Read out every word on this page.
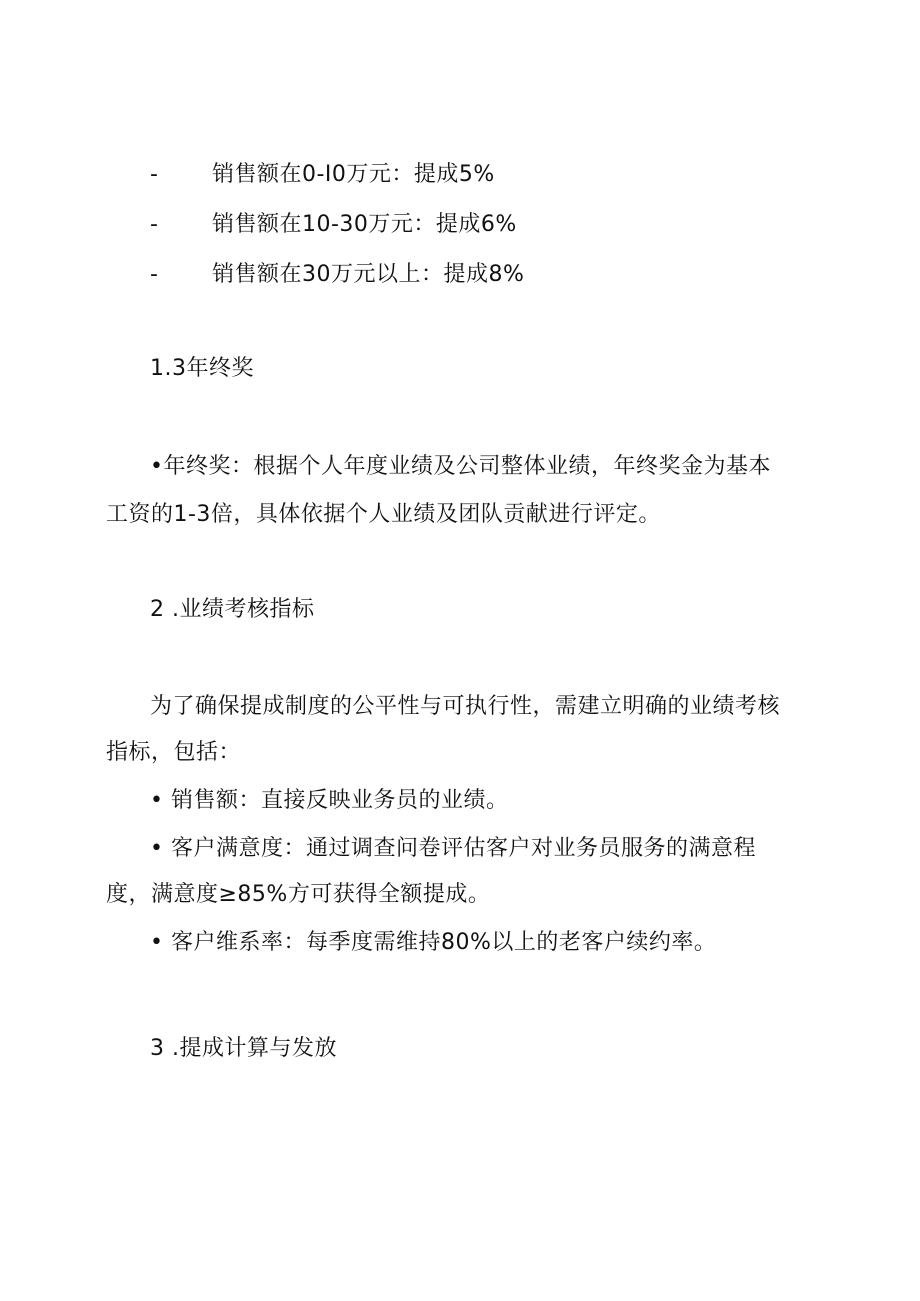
- 销售额在0-I0万元：提成5%
- 销售额在10-30万元：提成6%
- 销售额在30万元以上：提成8%
1.3年终奖
•年终奖：根据个人年度业绩及公司整体业绩，年终奖金为基本
工资的1-3倍，具体依据个人业绩及团队贡献进行评定。
2 .业绩考核指标
为了确保提成制度的公平性与可执行性，需建立明确的业绩考核
指标，包括：
• 销售额：直接反映业务员的业绩。
• 客户满意度：通过调查问卷评估客户对业务员服务的满意程
度，满意度≥85%方可获得全额提成。
• 客户维系率：每季度需维持80%以上的老客户续约率。
3 .提成计算与发放
